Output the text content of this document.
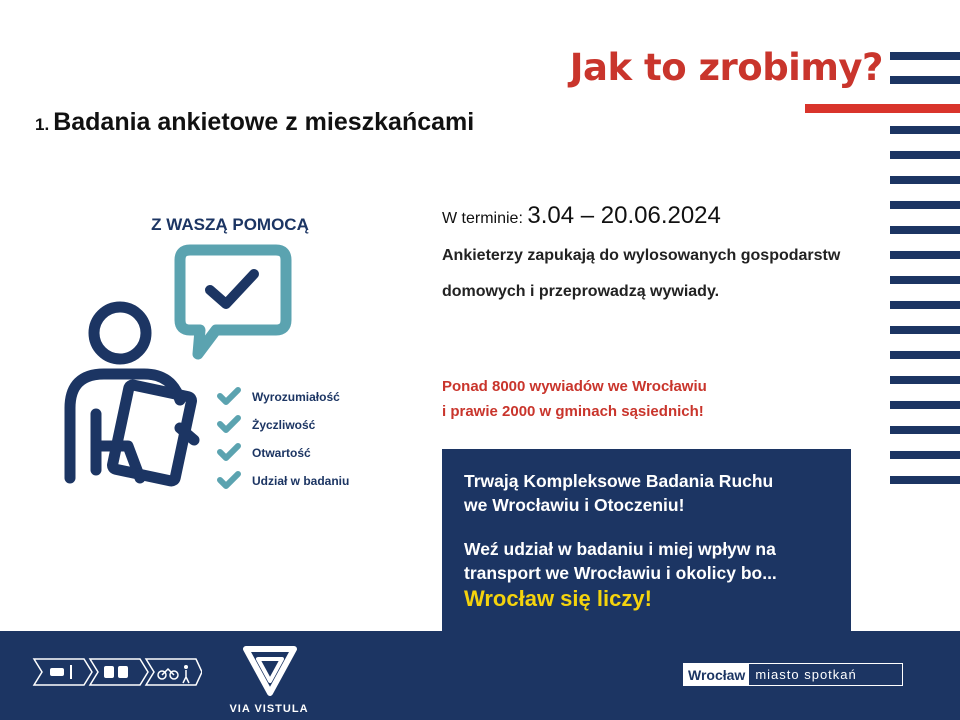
Jak to zrobimy?
1. Badania ankietowe z mieszkańcami
Z WASZĄ POMOCĄ
Wyrozumiałość
Życzliwość
Otwartość
Udział w badaniu
W terminie: 3.04 – 20.06.2024
Ankieterzy zapukają do wylosowanych gospodarstw domowych i przeprowadzą wywiady.
Ponad 8000 wywiadów we Wrocławiu
i prawie 2000 w gminach sąsiednich!

Trwają Kompleksowe Badania Ruchu

we Wrocławiu i Otoczeniu!

Weź udział w badaniu i miej wpływ na

transport we Wrocławiu i okolicy bo...

Wrocław się liczy!

VIA VISTULA
Wrocław miasto spotkań
